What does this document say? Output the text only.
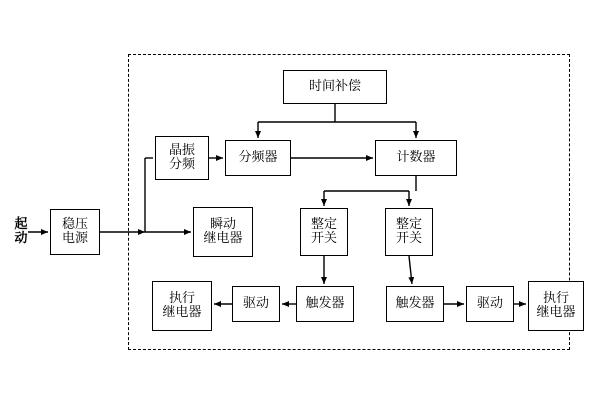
起
动
时间补偿
晶振
分频	分频器	计数器
稳压
电源
瞬动
继电器
整定
开关
整定
开关
执行
继电器
驱动	触发器	触发器	驱动	执行
继电器
